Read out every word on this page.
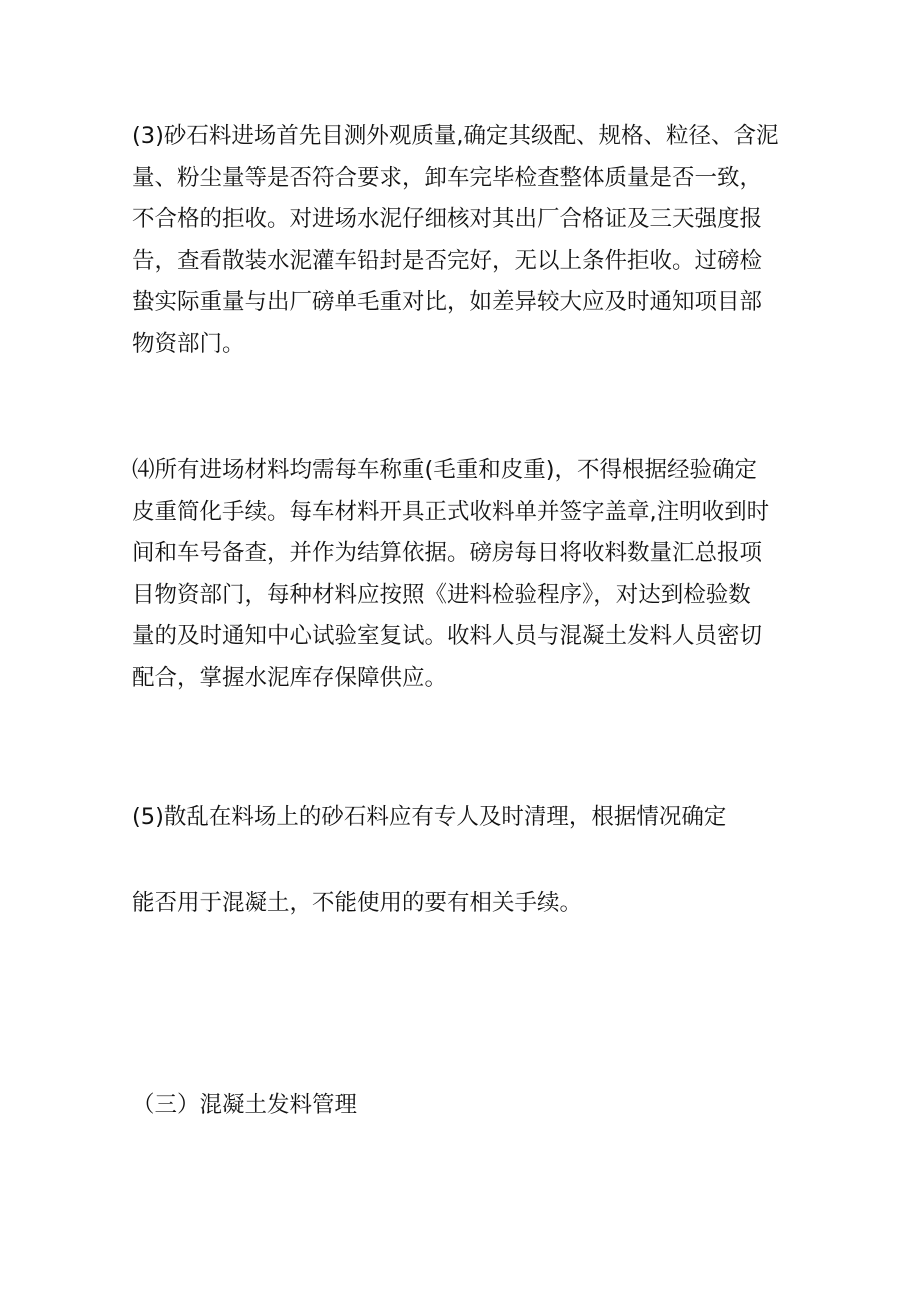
(3)砂石料进场首先目测外观质量,确定其级配、规格、粒径、含泥
量、粉尘量等是否符合要求，卸车完毕检查整体质量是否一致，
不合格的拒收。对进场水泥仔细核对其出厂合格证及三天强度报
告，查看散装水泥灌车铅封是否完好，无以上条件拒收。过磅检
蛰实际重量与出厂磅单毛重对比，如差异较大应及时通知项目部
物资部门。
⑷所有进场材料均需每车称重(毛重和皮重)，不得根据经验确定
皮重简化手续。每车材料开具正式收料单并签字盖章,注明收到时
间和车号备查，并作为结算依据。磅房每日将收料数量汇总报项
目物资部门，每种材料应按照《进料检验程序》，对达到检验数
量的及时通知中心试验室复试。收料人员与混凝土发料人员密切
配合，掌握水泥库存保障供应。
(5)散乱在料场上的砂石料应有专人及时清理，根据情况确定
能否用于混凝土，不能使用的要有相关手续。
（三）混凝土发料管理
